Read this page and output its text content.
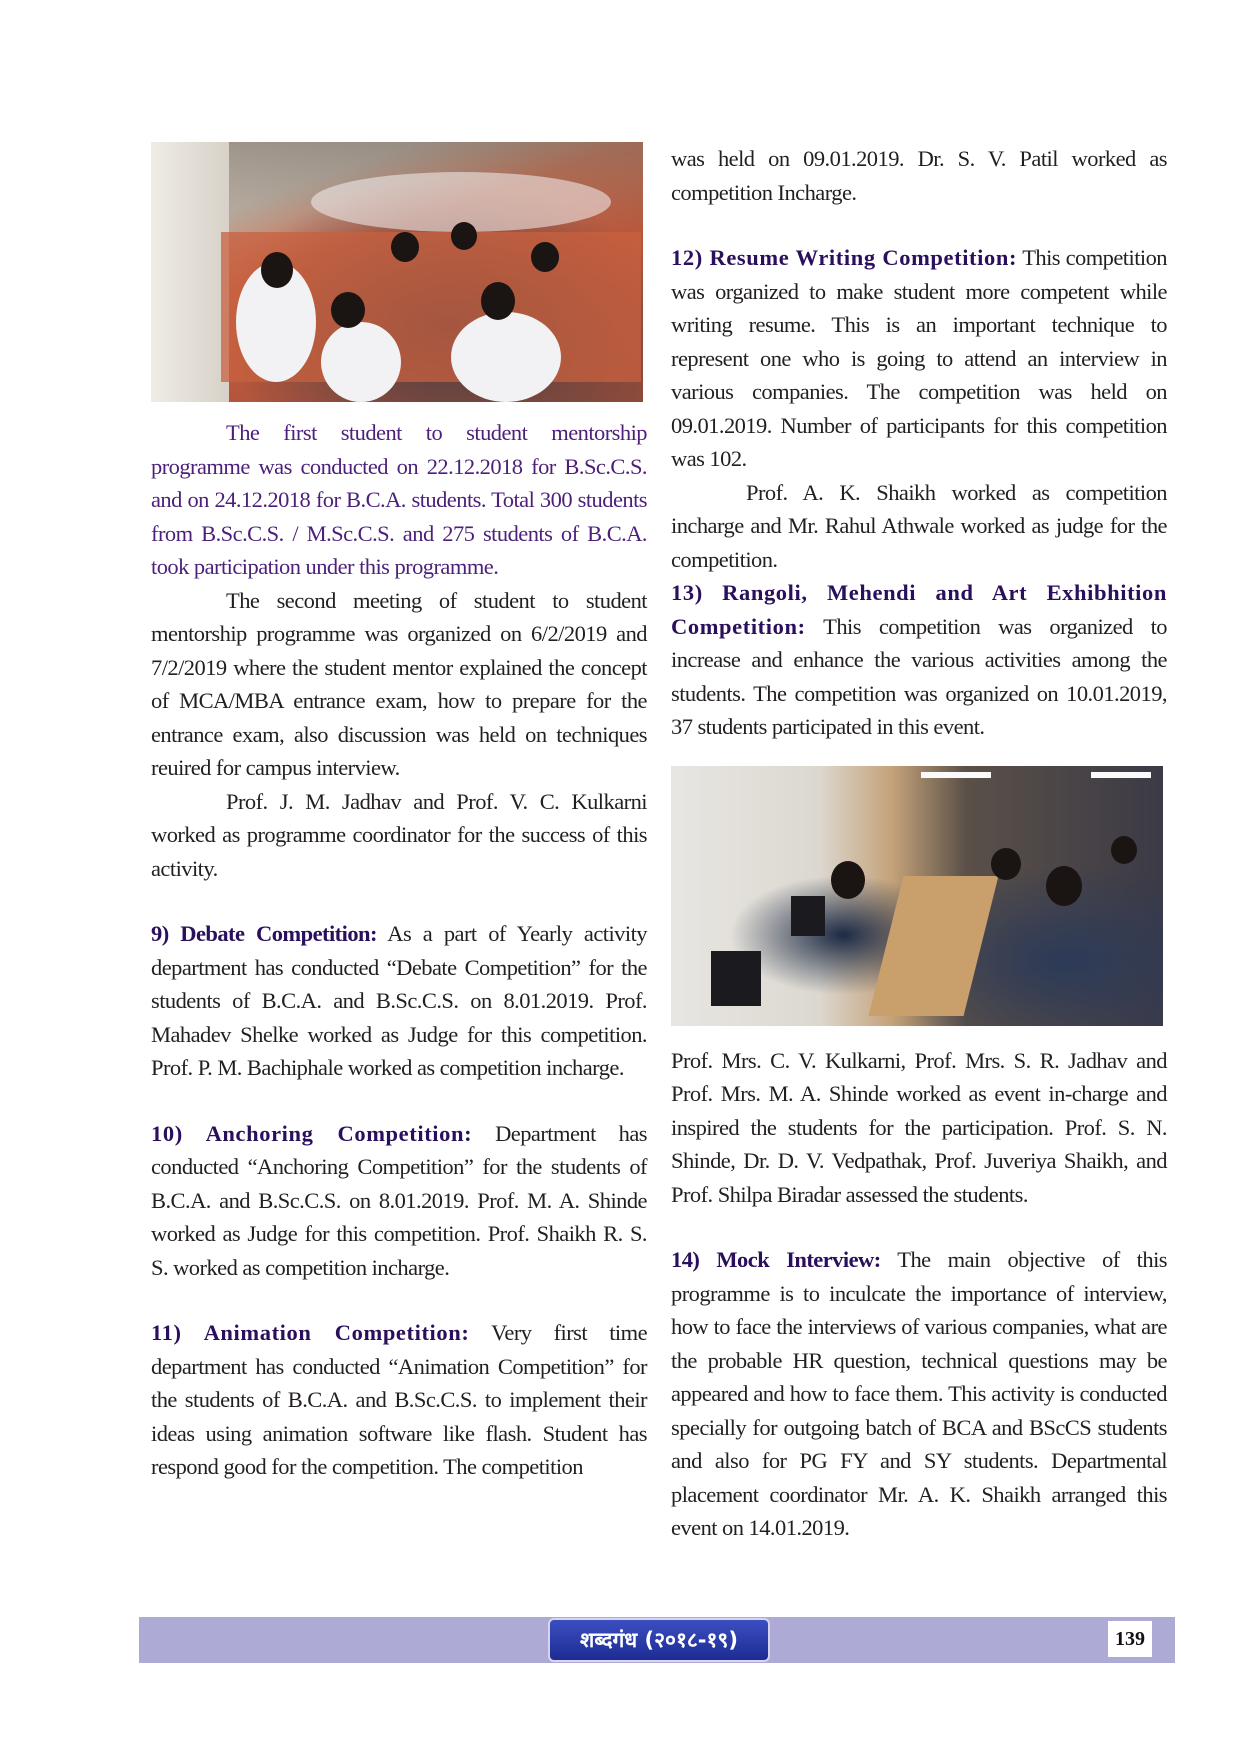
The first student to student mentorship programme was conducted on 22.12.2018 for B.Sc.C.S. and on 24.12.2018 for B.C.A. students. Total 300 students from B.Sc.C.S. / M.Sc.C.S. and 275 students of B.C.A. took participation under this programme.

The second meeting of student to student mentorship programme was organized on 6/2/2019 and 7/2/2019 where the student mentor explained the concept of MCA/MBA entrance exam, how to prepare for the entrance exam, also discussion was held on techniques reuired for campus interview.

Prof. J. M. Jadhav and Prof. V. C. Kulkarni worked as programme coordinator for the success of this activity.

9) Debate Competition: As a part of Yearly activity department has conducted “Debate Competition” for the students of B.C.A. and B.Sc.C.S. on 8.01.2019. Prof. Mahadev Shelke worked as Judge for this competition. Prof. P. M. Bachiphale worked as competition incharge.

10) Anchoring Competition: Department has conducted “Anchoring Competition” for the students of B.C.A. and B.Sc.C.S. on 8.01.2019. Prof. M. A. Shinde worked as Judge for this competition. Prof. Shaikh R. S. S. worked as competition incharge.

11) Animation Competition: Very first time department has conducted “Animation Competition” for the students of B.C.A. and B.Sc.C.S. to implement their ideas using animation software like flash. Student has respond good for the competition. The competition

was held on 09.01.2019. Dr. S. V. Patil worked as competition Incharge.

12) Resume Writing Competition: This competition was organized to make student more competent while writing resume. This is an important technique to represent one who is going to attend an interview in various companies. The competition was held on 09.01.2019. Number of participants for this competition was 102.

Prof. A. K. Shaikh worked as competition incharge and Mr. Rahul Athwale worked as judge for the competition.

13) Rangoli, Mehendi and Art Exhibhition Competition: This competition was organized to increase and enhance the various activities among the students. The competition was organized on 10.01.2019, 37 students participated in this event.

Prof. Mrs. C. V. Kulkarni, Prof. Mrs. S. R. Jadhav and Prof. Mrs. M. A. Shinde worked as event in-charge and inspired the students for the participation. Prof. S. N. Shinde, Dr. D. V. Vedpathak, Prof. Juveriya Shaikh, and Prof. Shilpa Biradar assessed the students.

14) Mock Interview: The main objective of this programme is to inculcate the importance of interview, how to face the interviews of various companies, what are the probable HR question, technical questions may be appeared and how to face them. This activity is conducted specially for outgoing batch of BCA and BScCS students and also for PG FY and SY students. Departmental placement coordinator Mr. A. K. Shaikh arranged this event on 14.01.2019.

शब्दगंध (२०१८-१९)	139
